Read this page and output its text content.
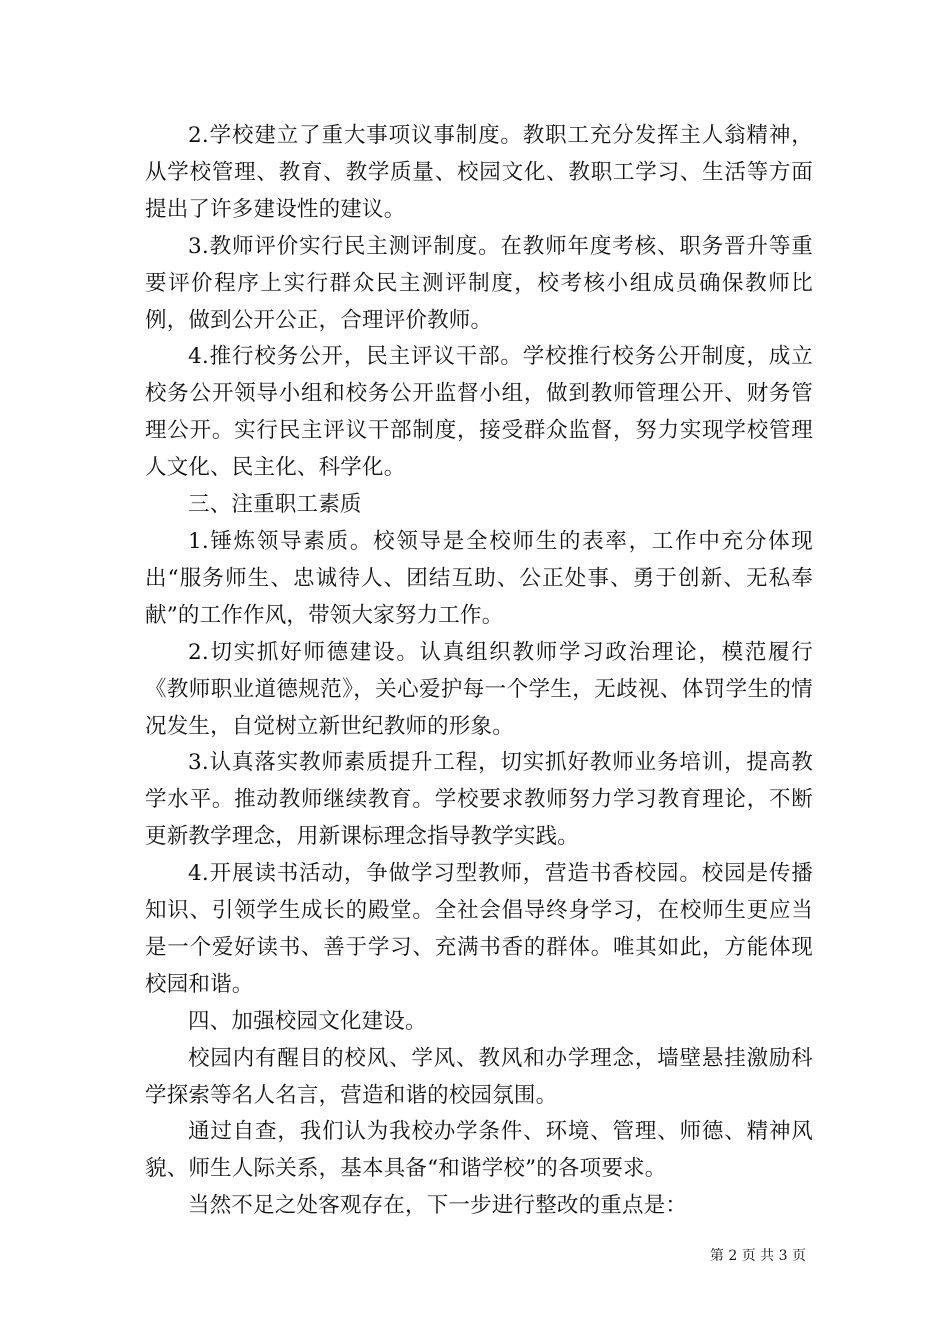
2.学校建立了重大事项议事制度。教职工充分发挥主人翁精神，从学校管理、教育、教学质量、校园文化、教职工学习、生活等方面提出了许多建设性的建议。

3.教师评价实行民主测评制度。在教师年度考核、职务晋升等重要评价程序上实行群众民主测评制度，校考核小组成员确保教师比例，做到公开公正，合理评价教师。

4.推行校务公开，民主评议干部。学校推行校务公开制度，成立校务公开领导小组和校务公开监督小组，做到教师管理公开、财务管理公开。实行民主评议干部制度，接受群众监督，努力实现学校管理人文化、民主化、科学化。

三、注重职工素质

1.锤炼领导素质。校领导是全校师生的表率，工作中充分体现出“服务师生、忠诚待人、团结互助、公正处事、勇于创新、无私奉献”的工作作风，带领大家努力工作。

2.切实抓好师德建设。认真组织教师学习政治理论，模范履行《教师职业道德规范》，关心爱护每一个学生，无歧视、体罚学生的情况发生，自觉树立新世纪教师的形象。

3.认真落实教师素质提升工程，切实抓好教师业务培训，提高教学水平。推动教师继续教育。学校要求教师努力学习教育理论，不断更新教学理念，用新课标理念指导教学实践。

4.开展读书活动，争做学习型教师，营造书香校园。校园是传播知识、引领学生成长的殿堂。全社会倡导终身学习，在校师生更应当是一个爱好读书、善于学习、充满书香的群体。唯其如此，方能体现校园和谐。

四、加强校园文化建设。

校园内有醒目的校风、学风、教风和办学理念，墙壁悬挂激励科学探索等名人名言，营造和谐的校园氛围。

通过自查，我们认为我校办学条件、环境、管理、师德、精神风貌、师生人际关系，基本具备“和谐学校”的各项要求。

当然不足之处客观存在，下一步进行整改的重点是：

第 2 页 共 3 页
